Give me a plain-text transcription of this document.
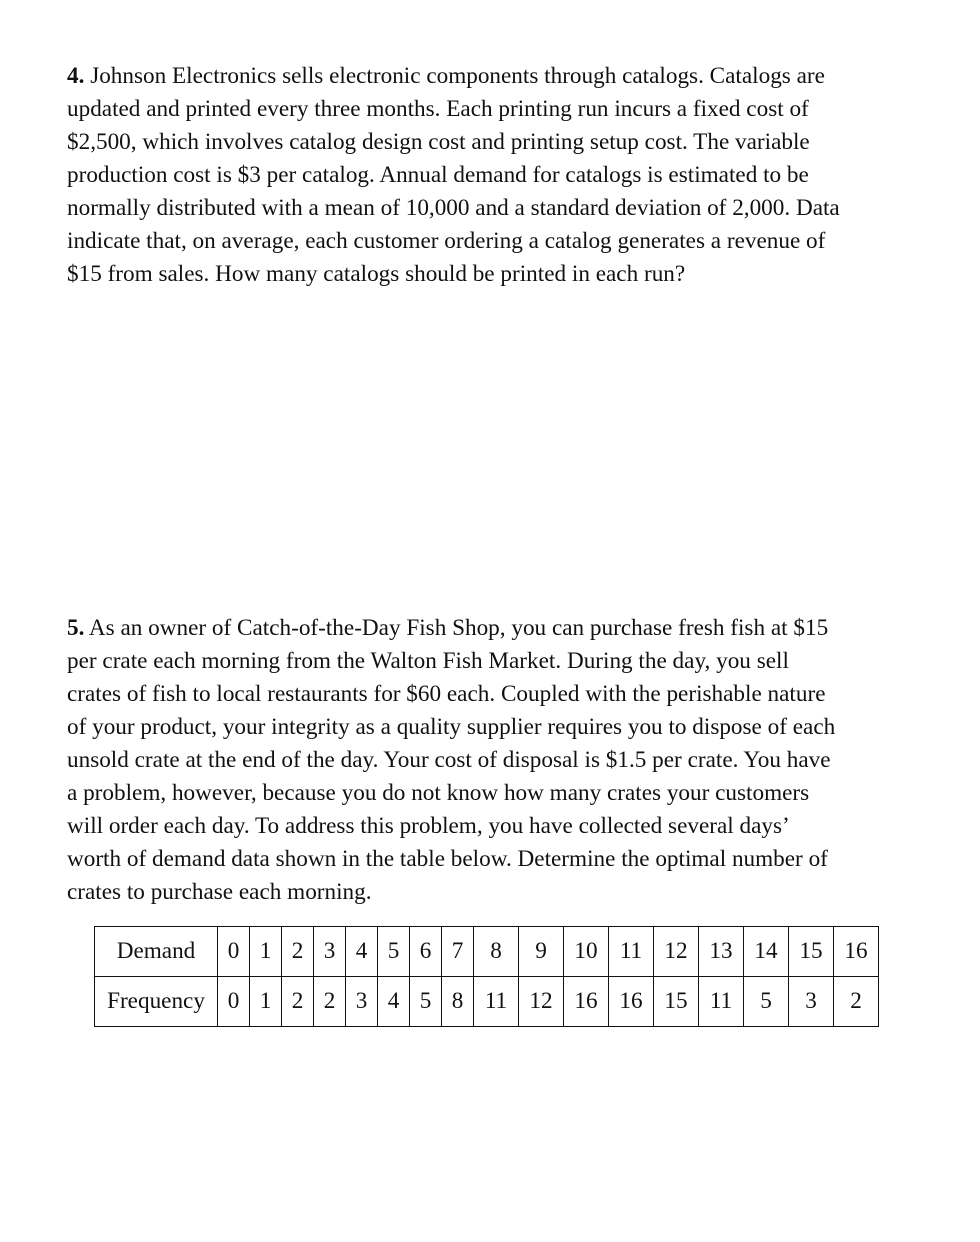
4. Johnson Electronics sells electronic components through catalogs. Catalogs are
updated and printed every three months. Each printing run incurs a fixed cost of
$2,500, which involves catalog design cost and printing setup cost. The variable
production cost is $3 per catalog. Annual demand for catalogs is estimated to be
normally distributed with a mean of 10,000 and a standard deviation of 2,000. Data
indicate that, on average, each customer ordering a catalog generates a revenue of
$15 from sales. How many catalogs should be printed in each run?
5. As an owner of Catch-of-the-Day Fish Shop, you can purchase fresh fish at $15
per crate each morning from the Walton Fish Market. During the day, you sell
crates of fish to local restaurants for $60 each. Coupled with the perishable nature
of your product, your integrity as a quality supplier requires you to dispose of each
unsold crate at the end of the day. Your cost of disposal is $1.5 per crate. You have
a problem, however, because you do not know how many crates your customers
will order each day. To address this problem, you have collected several days’
worth of demand data shown in the table below. Determine the optimal number of
crates to purchase each morning.
Demand	0	1	2	3	4	5	6	7	8	9	10	11	12	13	14	15	16
Frequency	0	1	2	2	3	4	5	8	11	12	16	16	15	11	5	3	2
